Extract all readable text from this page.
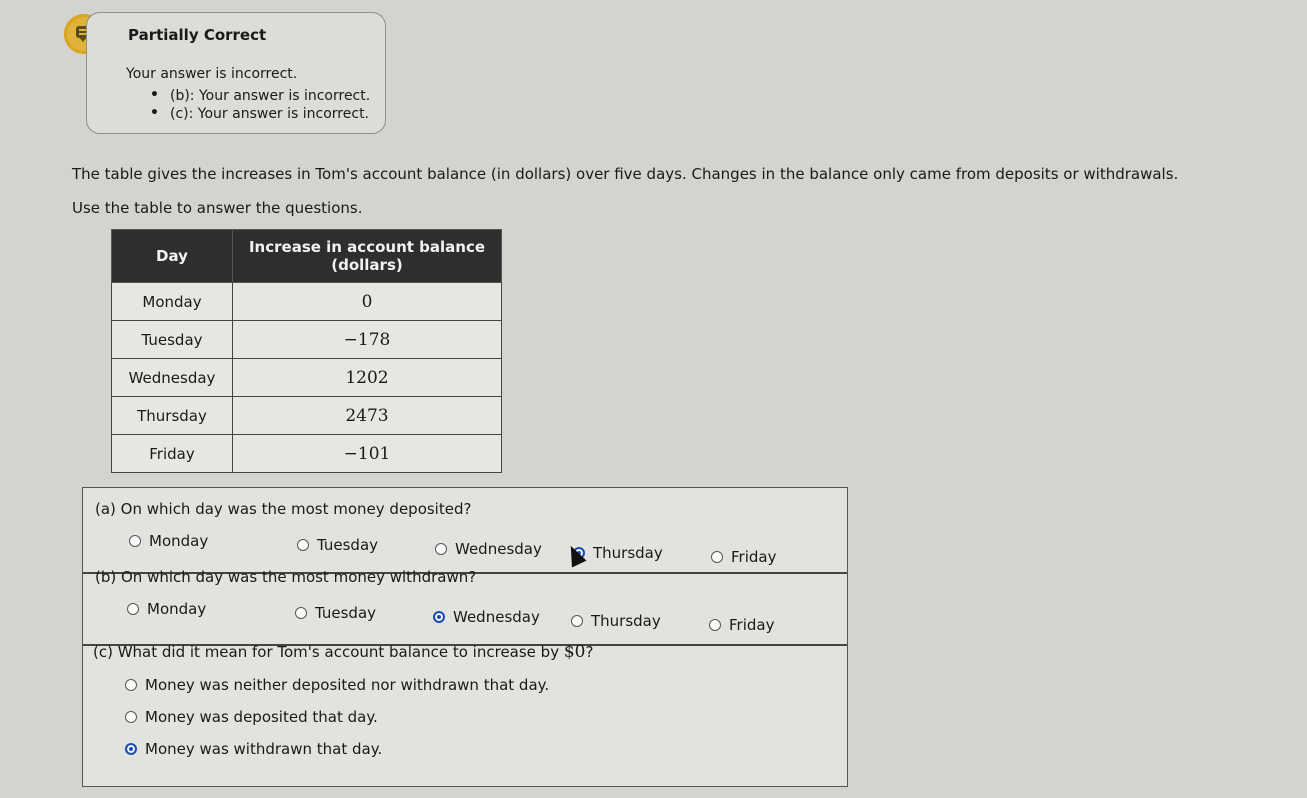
Partially Correct
Your answer is incorrect.
• (b): Your answer is incorrect.
• (c): Your answer is incorrect.
The table gives the increases in Tom's account balance (in dollars) over five days. Changes in the balance only came from deposits or withdrawals.
Use the table to answer the questions.
Day	Increase in account balance (dollars)
Monday	0
Tuesday	−178
Wednesday	1202
Thursday	2473
Friday	−101
(a) On which day was the most money deposited?
Monday	Tuesday	Wednesday	Thursday	Friday
(b) On which day was the most money withdrawn?
Monday	Tuesday	Wednesday	Thursday	Friday
(c) What did it mean for Tom's account balance to increase by $0?
Money was neither deposited nor withdrawn that day.
Money was deposited that day.
Money was withdrawn that day.
